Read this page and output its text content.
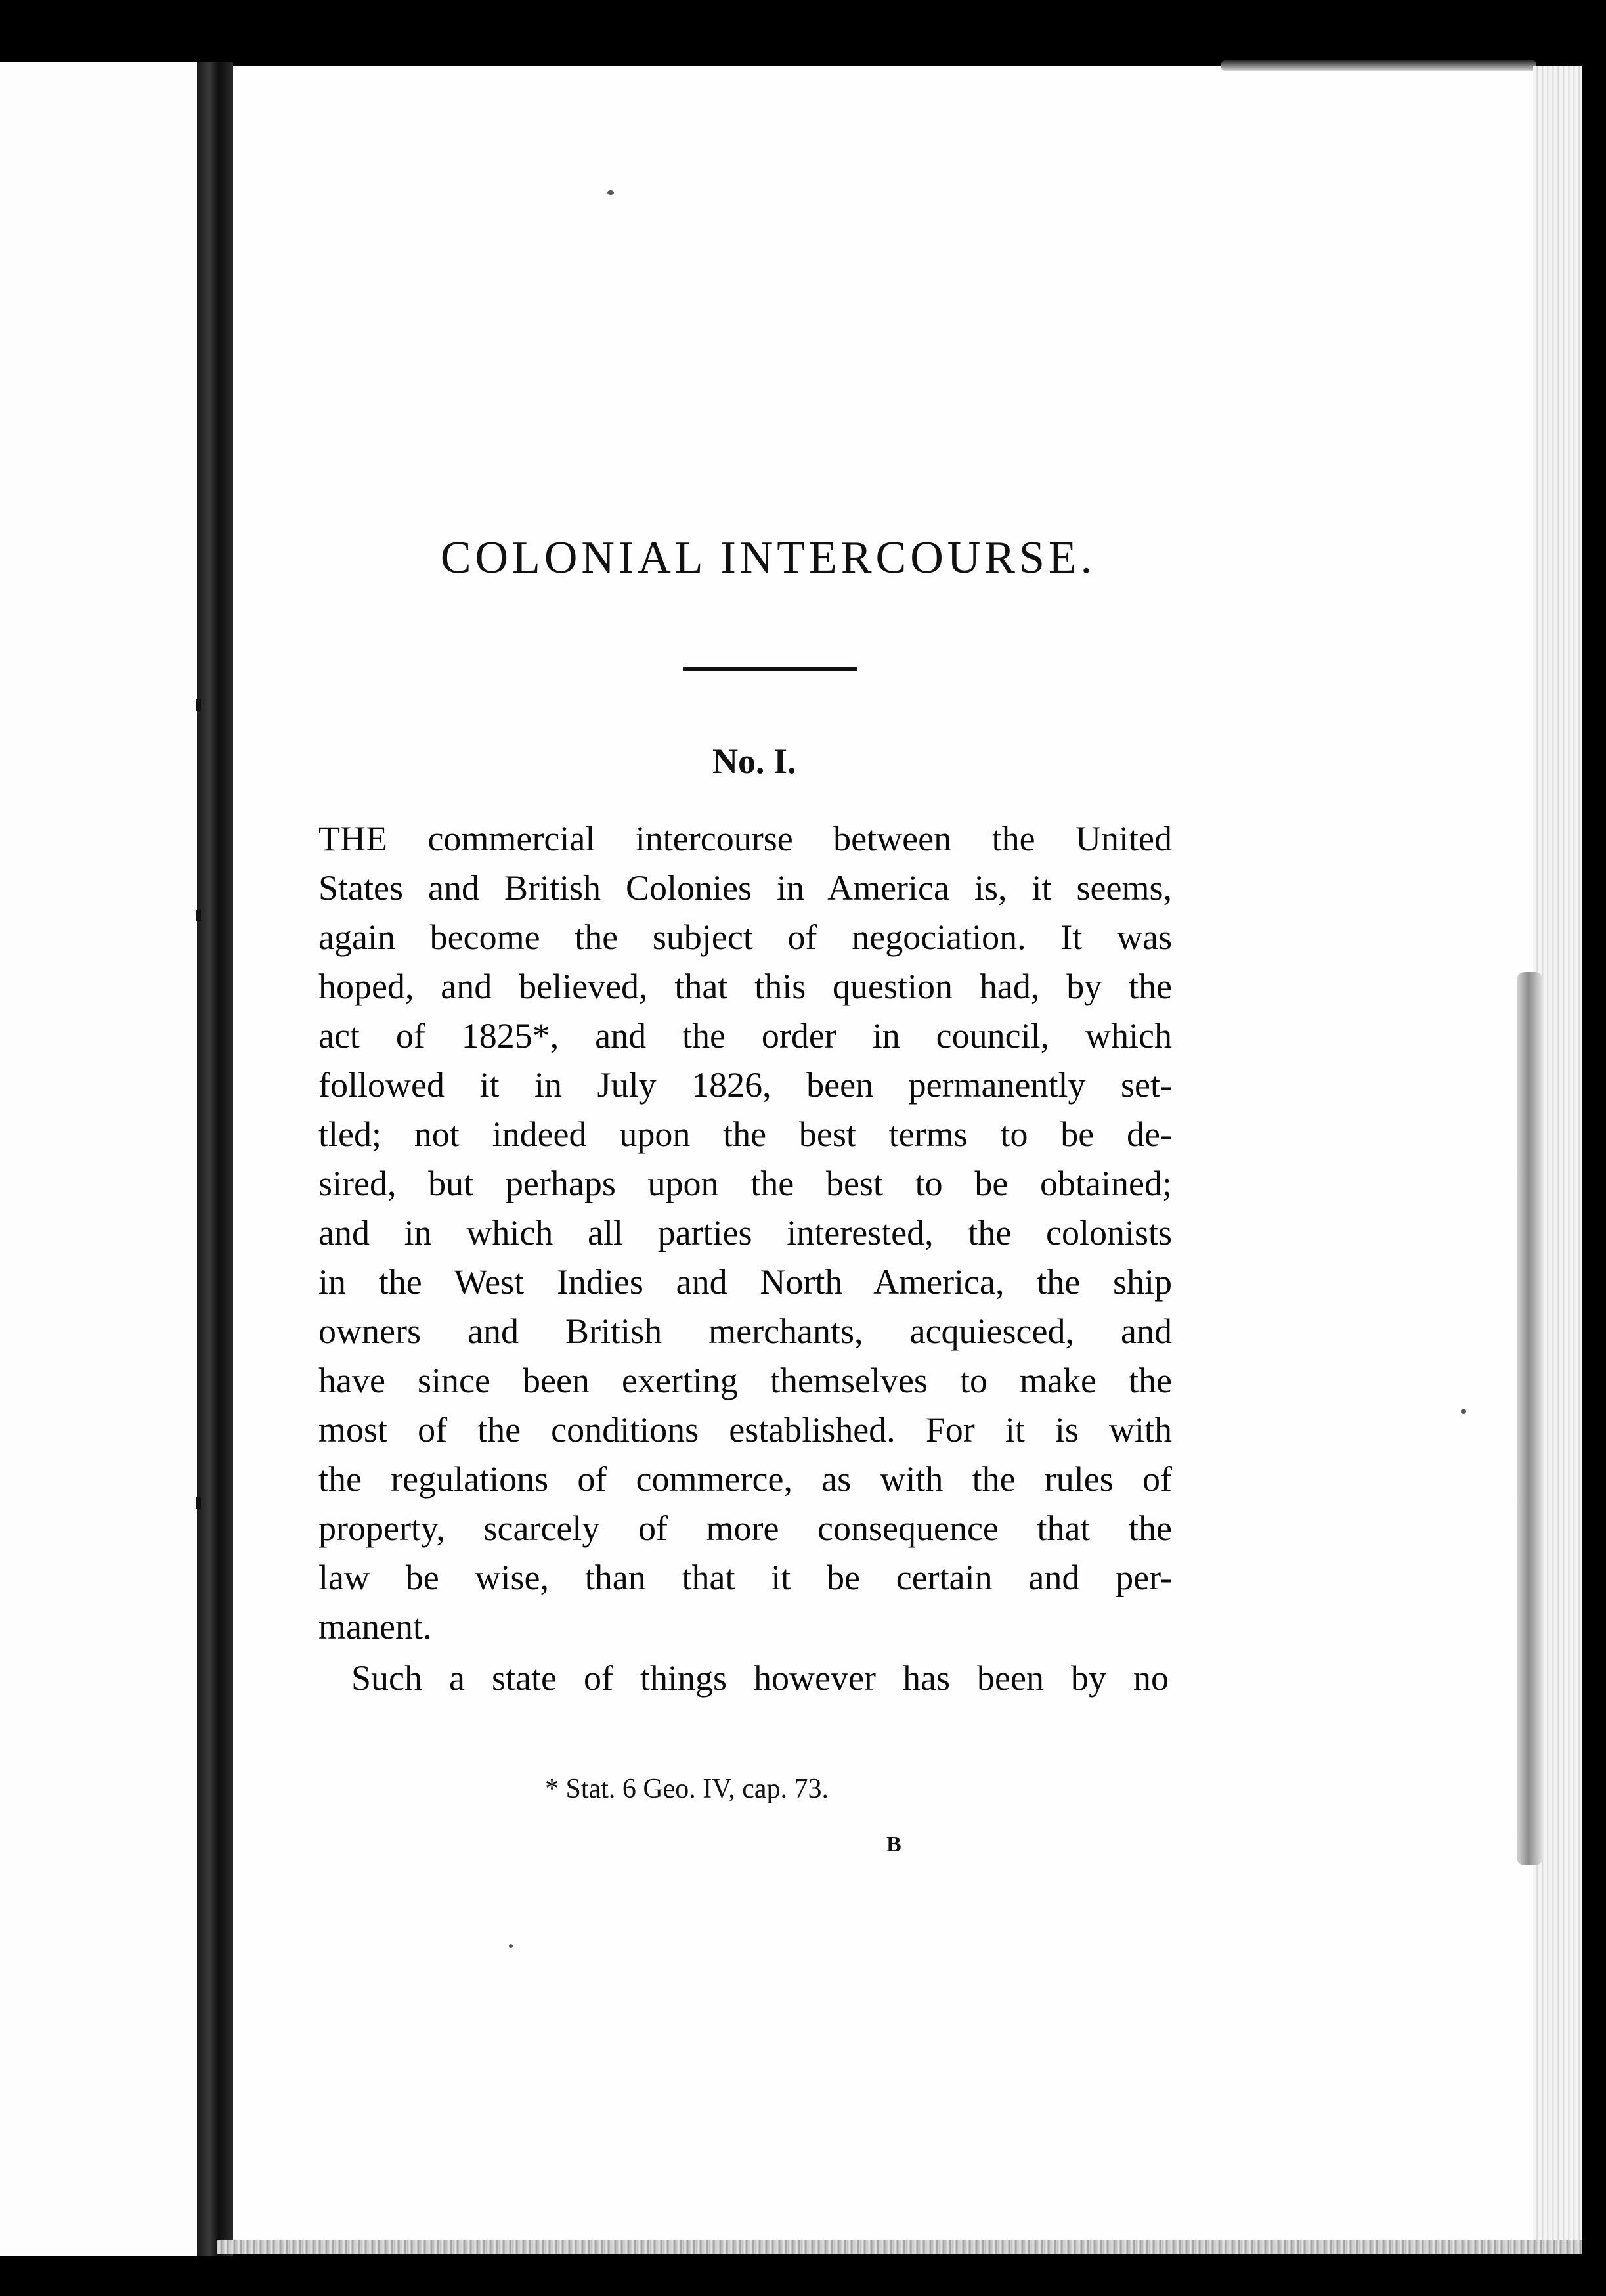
COLONIAL INTERCOURSE.
No. I.
THE commercial intercourse between the United
States and British Colonies in America is, it seems,
again become the subject of negociation. It was
hoped, and believed, that this question had, by the
act of 1825*, and the order in council, which
followed it in July 1826, been permanently set-
tled; not indeed upon the best terms to be de-
sired, but perhaps upon the best to be obtained;
and in which all parties interested, the colonists
in the West Indies and North America, the ship
owners and British merchants, acquiesced, and
have since been exerting themselves to make the
most of the conditions established. For it is with
the regulations of commerce, as with the rules of
property, scarcely of more consequence that the
law be wise, than that it be certain and per-
manent.
Such a state of things however has been by no
* Stat. 6 Geo. IV, cap. 73.
B
